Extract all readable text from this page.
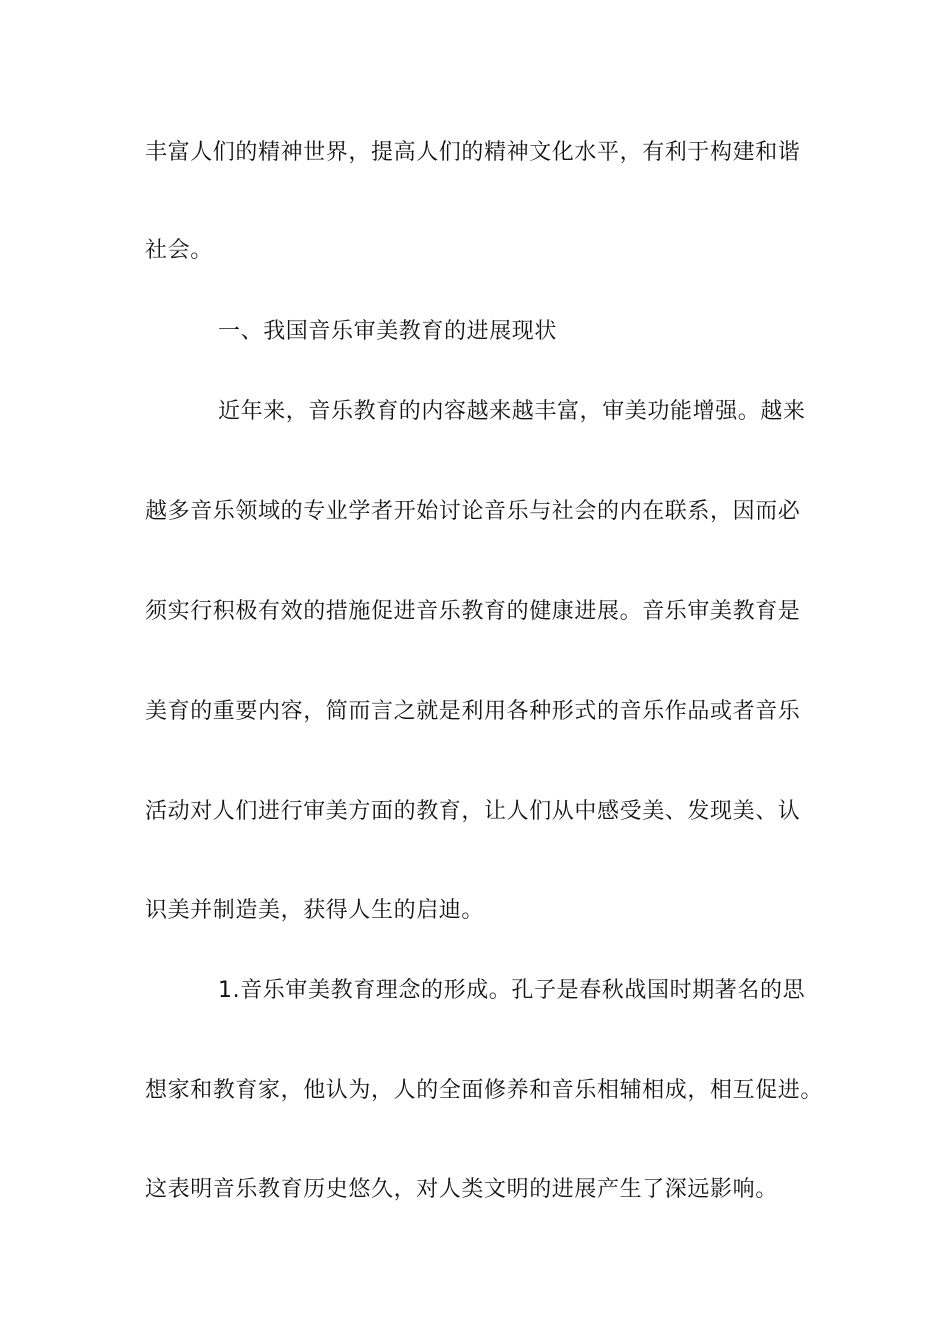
丰富人们的精神世界，提高人们的精神文化水平，有利于构建和谐
社会。
一、我国音乐审美教育的进展现状
近年来，音乐教育的内容越来越丰富，审美功能增强。越来
越多音乐领域的专业学者开始讨论音乐与社会的内在联系，因而必
须实行积极有效的措施促进音乐教育的健康进展。音乐审美教育是
美育的重要内容，简而言之就是利用各种形式的音乐作品或者音乐
活动对人们进行审美方面的教育，让人们从中感受美、发现美、认
识美并制造美，获得人生的启迪。
1.音乐审美教育理念的形成。孔子是春秋战国时期著名的思
想家和教育家，他认为，人的全面修养和音乐相辅相成，相互促进。
这表明音乐教育历史悠久，对人类文明的进展产生了深远影响。
